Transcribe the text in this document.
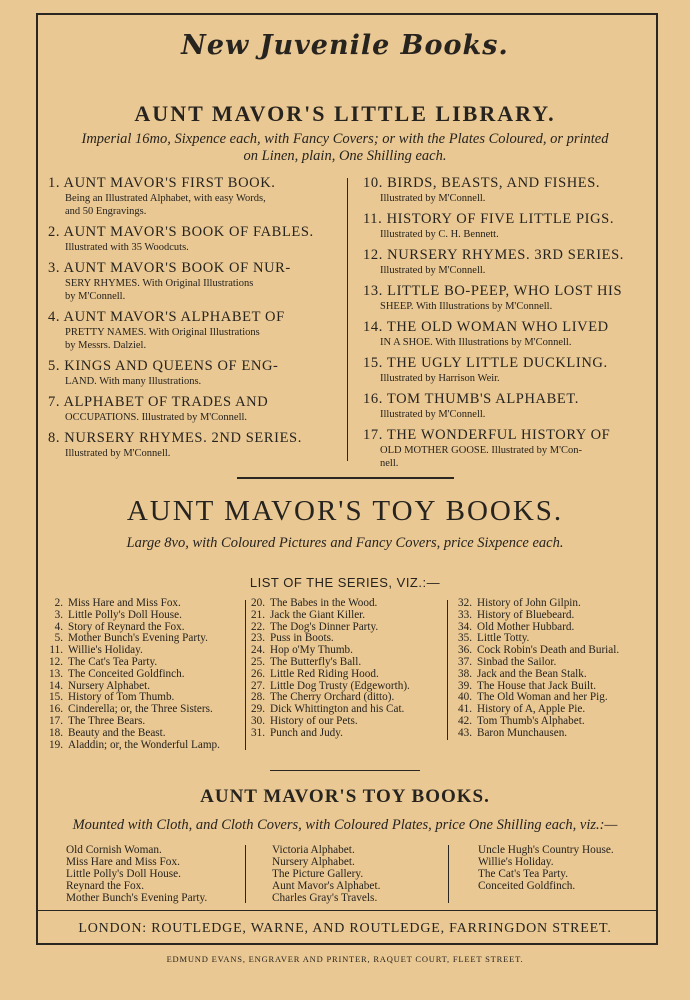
New Juvenile Books.
AUNT MAVOR'S LITTLE LIBRARY.
Imperial 16mo, Sixpence each, with Fancy Covers; or with the Plates Coloured, or printed
on Linen, plain, One Shilling each.
1. AUNT MAVOR'S FIRST BOOK.
Being an Illustrated Alphabet, with easy Words,
and 50 Engravings.
2. AUNT MAVOR'S BOOK OF FABLES.
Illustrated with 35 Woodcuts.
3. AUNT MAVOR'S BOOK OF NUR-
SERY RHYMES. With Original Illustrations
by M'Connell.
4. AUNT MAVOR'S ALPHABET OF
PRETTY NAMES. With Original Illustrations
by Messrs. Dalziel.
5. KINGS AND QUEENS OF ENG-
LAND. With many Illustrations.
7. ALPHABET OF TRADES AND
OCCUPATIONS. Illustrated by M'Connell.
8. NURSERY RHYMES. 2ND SERIES.
Illustrated by M'Connell.
10. BIRDS, BEASTS, AND FISHES.
Illustrated by M'Connell.
11. HISTORY OF FIVE LITTLE PIGS.
Illustrated by C. H. Bennett.
12. NURSERY RHYMES. 3RD SERIES.
Illustrated by M'Connell.
13. LITTLE BO-PEEP, WHO LOST HIS
SHEEP. With Illustrations by M'Connell.
14. THE OLD WOMAN WHO LIVED
IN A SHOE. With Illustrations by M'Connell.
15. THE UGLY LITTLE DUCKLING.
Illustrated by Harrison Weir.
16. TOM THUMB'S ALPHABET.
Illustrated by M'Connell.
17. THE WONDERFUL HISTORY OF
OLD MOTHER GOOSE. Illustrated by M'Con-
nell.
AUNT MAVOR'S TOY BOOKS.
Large 8vo, with Coloured Pictures and Fancy Covers, price Sixpence each.
LIST OF THE SERIES, VIZ.:—
2. Miss Hare and Miss Fox.
3. Little Polly's Doll House.
4. Story of Reynard the Fox.
5. Mother Bunch's Evening Party.
11. Willie's Holiday.
12. The Cat's Tea Party.
13. The Conceited Goldfinch.
14. Nursery Alphabet.
15. History of Tom Thumb.
16. Cinderella; or, the Three Sisters.
17. The Three Bears.
18. Beauty and the Beast.
19. Aladdin; or, the Wonderful Lamp.
20. The Babes in the Wood.
21. Jack the Giant Killer.
22. The Dog's Dinner Party.
23. Puss in Boots.
24. Hop o'My Thumb.
25. The Butterfly's Ball.
26. Little Red Riding Hood.
27. Little Dog Trusty (Edgeworth).
28. The Cherry Orchard (ditto).
29. Dick Whittington and his Cat.
30. History of our Pets.
31. Punch and Judy.
32. History of John Gilpin.
33. History of Bluebeard.
34. Old Mother Hubbard.
35. Little Totty.
36. Cock Robin's Death and Burial.
37. Sinbad the Sailor.
38. Jack and the Bean Stalk.
39. The House that Jack Built.
40. The Old Woman and her Pig.
41. History of A, Apple Pie.
42. Tom Thumb's Alphabet.
43. Baron Munchausen.
AUNT MAVOR'S TOY BOOKS.
Mounted with Cloth, and Cloth Covers, with Coloured Plates, price One Shilling each, viz.:—
Old Cornish Woman.
Miss Hare and Miss Fox.
Little Polly's Doll House.
Reynard the Fox.
Mother Bunch's Evening Party.
Victoria Alphabet.
Nursery Alphabet.
The Picture Gallery.
Aunt Mavor's Alphabet.
Charles Gray's Travels.
Uncle Hugh's Country House.
Willie's Holiday.
The Cat's Tea Party.
Conceited Goldfinch.
LONDON: ROUTLEDGE, WARNE, AND ROUTLEDGE, FARRINGDON STREET.
EDMUND EVANS, ENGRAVER AND PRINTER, RAQUET COURT, FLEET STREET.
